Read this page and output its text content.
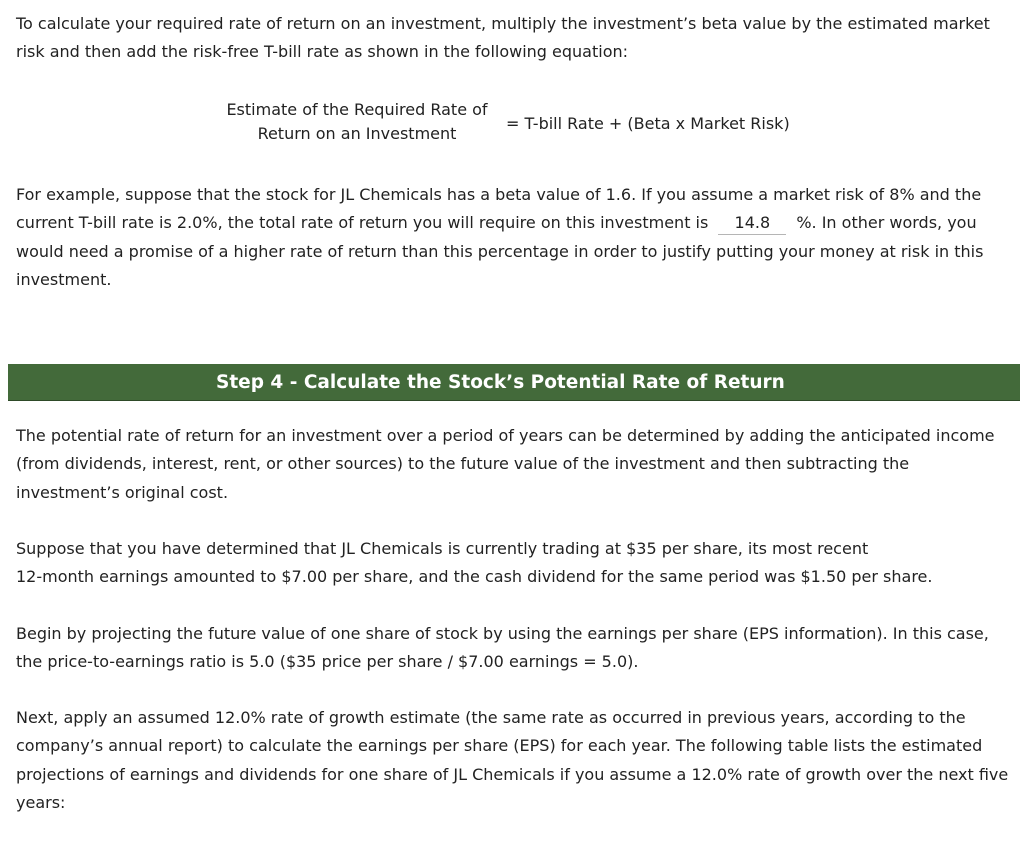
To calculate your required rate of return on an investment, multiply the investment’s beta value by the estimated market risk and then add the risk-free T-bill rate as shown in the following equation:

Estimate of the Required Rate of
Return on an Investment
= T-bill Rate + (Beta x Market Risk)

For example, suppose that the stock for JL Chemicals has a beta value of 1.6. If you assume a market risk of 8% and the current T-bill rate is 2.0%, the total rate of return you will require on this investment is 14.8 %. In other words, you would need a promise of a higher rate of return than this percentage in order to justify putting your money at risk in this investment.

Step 4 - Calculate the Stock’s Potential Rate of Return

The potential rate of return for an investment over a period of years can be determined by adding the anticipated income (from dividends, interest, rent, or other sources) to the future value of the investment and then subtracting the investment’s original cost.

Suppose that you have determined that JL Chemicals is currently trading at $35 per share, its most recent
12-month earnings amounted to $7.00 per share, and the cash dividend for the same period was $1.50 per share.

Begin by projecting the future value of one share of stock by using the earnings per share (EPS information). In this case, the price-to-earnings ratio is 5.0 ($35 price per share / $7.00 earnings = 5.0).

Next, apply an assumed 12.0% rate of growth estimate (the same rate as occurred in previous years, according to the company’s annual report) to calculate the earnings per share (EPS) for each year. The following table lists the estimated projections of earnings and dividends for one share of JL Chemicals if you assume a 12.0% rate of growth over the next five years:
